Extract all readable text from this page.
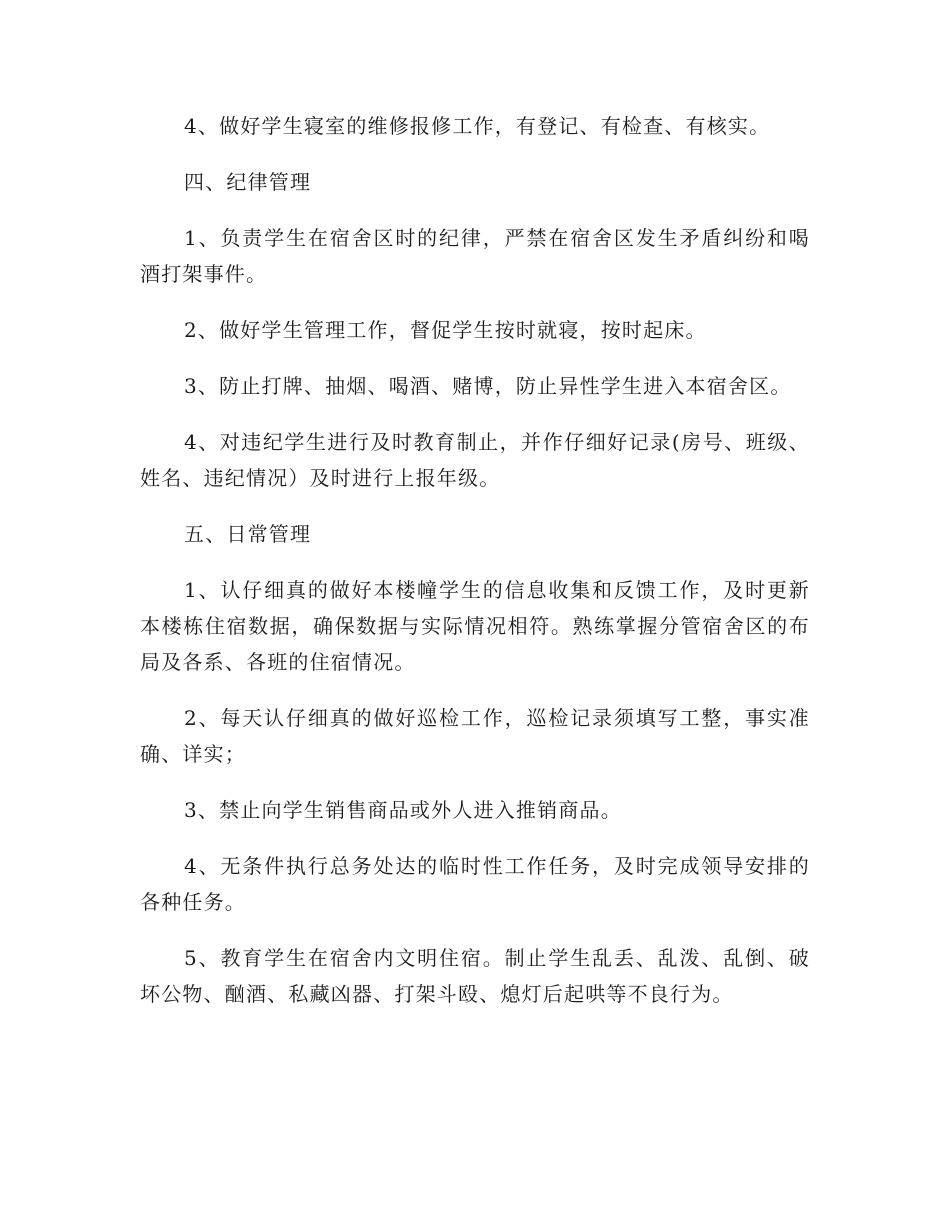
4、做好学生寝室的维修报修工作，有登记、有检查、有核实。

四、纪律管理

1、负责学生在宿舍区时的纪律，严禁在宿舍区发生矛盾纠纷和喝酒打架事件。

2、做好学生管理工作，督促学生按时就寝，按时起床。

3、防止打牌、抽烟、喝酒、赌博，防止异性学生进入本宿舍区。

4、对违纪学生进行及时教育制止，并作仔细好记录(房号、班级、姓名、违纪情况）及时进行上报年级。

五、日常管理

1、认仔细真的做好本楼幢学生的信息收集和反馈工作，及时更新本楼栋住宿数据，确保数据与实际情况相符。熟练掌握分管宿舍区的布局及各系、各班的住宿情况。

2、每天认仔细真的做好巡检工作，巡检记录须填写工整，事实准确、详实；

3、禁止向学生销售商品或外人进入推销商品。

4、无条件执行总务处达的临时性工作任务，及时完成领导安排的各种任务。

5、教育学生在宿舍内文明住宿。制止学生乱丢、乱泼、乱倒、破坏公物、酗酒、私藏凶器、打架斗殴、熄灯后起哄等不良行为。
